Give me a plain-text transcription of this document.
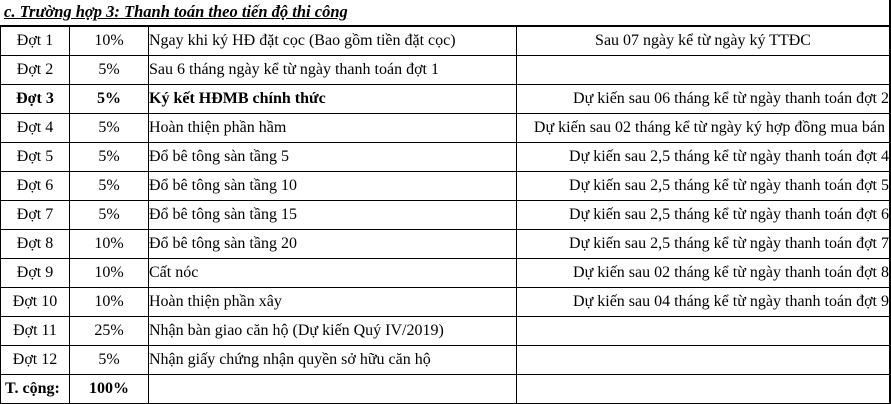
c. Trường hợp 3: Thanh toán theo tiến độ thi công
Đợt 1	10%	Ngay khi ký HĐ đặt cọc (Bao gồm tiền đặt cọc)	Sau 07 ngày kể từ ngày ký TTĐC
Đợt 2	5%	Sau 6 tháng ngày kể từ ngày thanh toán đợt 1	
Đợt 3	5%	Ký kết HĐMB chính thức	Dự kiến sau 06 tháng kể từ ngày thanh toán đợt 2
Đợt 4	5%	Hoàn thiện phần hầm	Dự kiến sau 02 tháng kể từ ngày ký hợp đồng mua bán
Đợt 5	5%	Đổ bê tông sàn tầng 5	Dự kiến sau 2,5 tháng kể từ ngày thanh toán đợt 4
Đợt 6	5%	Đổ bê tông sàn tầng 10	Dự kiến sau 2,5 tháng kể từ ngày thanh toán đợt 5
Đợt 7	5%	Đổ bê tông sàn tầng 15	Dự kiến sau 2,5 tháng kể từ ngày thanh toán đợt 6
Đợt 8	10%	Đổ bê tông sàn tầng 20	Dự kiến sau 2,5 tháng kể từ ngày thanh toán đợt 7
Đợt 9	10%	Cất nóc	Dự kiến sau 02 tháng kể từ ngày thanh toán đợt 8
Đợt 10	10%	Hoàn thiện phần xây	Dự kiến sau 04 tháng kể từ ngày thanh toán đợt 9
Đợt 11	25%	Nhận bàn giao căn hộ (Dự kiến Quý IV/2019)	
Đợt 12	5%	Nhận giấy chứng nhận quyền sở hữu căn hộ	
T. cộng:	100%		
